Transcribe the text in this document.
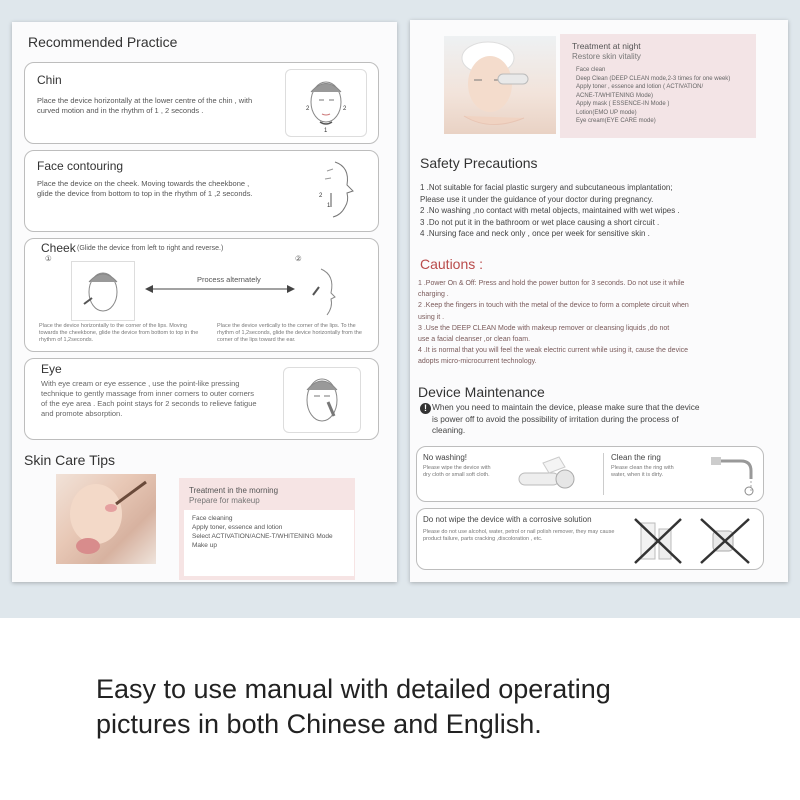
Recommended Practice
Chin
Place the device horizontally at the lower centre of the chin , with curved motion and in the rhythm of 1 , 2 seconds .	2
1
2
Face contouring
Place the device on the cheek. Moving towards the cheekbone , glide the device from bottom to top in the rhythm of 1 ,2 seconds.	2
1
Cheek (Glide the device from left to right and reverse.)
①	②
Process alternately
Place the device horizontally to the corner of the lips. Moving towards the cheekbone, glide the device from bottom to top in the rhythm of 1,2seconds.
Place the device vertically to the corner of the lips. To the rhythm of 1,2seconds, glide the device horizontally from the corner of the lips toward the ear.
Eye
With eye cream or eye essence , use the point-like pressing technique to gently massage from inner corners to outer corners of the eye area . Each point stays for 2 seconds to relieve fatigue and promote absorption.
Skin Care Tips
Treatment in the morning
Prepare for makeup
Face cleaning
Apply toner, essence and lotion
Select ACTIVATION/ACNE-T/WHITENING Mode
Make up
Treatment at night
Restore skin vitality
Face clean
Deep Clean (DEEP CLEAN mode,2-3 times for one week)
Apply toner , essence and lotion ( ACTIVATION/
ACNE-T/WHITENING Mode)
Apply mask ( ESSENCE-IN Mode )
Lotion(EMO UP mode)
Eye cream(EYE CARE mode)
Safety Precautions
1 .Not suitable for facial plastic surgery and subcutaneous implantation;
Please use it under the guidance of your doctor during pregnancy.
2 .No washing ,no contact with metal objects, maintained with wet wipes .
3 .Do not put it in the bathroom or wet place causing a short circuit .
4 .Nursing face and neck only , once per week for sensitive skin .
Cautions :
1 .Power On & Off: Press and hold the power button for 3 seconds. Do not use it while
charging .
2 .Keep the fingers in touch with the metal of the device to form a complete circuit when
using it .
3 .Use the DEEP CLEAN Mode with makeup remover or cleansing liquids ,do not
use a facial cleanser ,or clean foam.
4 .It is normal that you will feel the weak electric current while using it, cause the device
adopts micro-microcurrent technology.
Device Maintenance
! When you need to maintain the device, please make sure that the device
is power off to avoid the possibility of irritation during the process of
cleaning.
No washing!
Please wipe the device with dry cloth or small soft cloth.
Clean the ring
Please clean the ring with water, when it is dirty.
Do not wipe the device with a corrosive solution
Please do not use alcohol, water, petrol or nail polish remover, they may cause product failure, parts cracking ,discoloration , etc.
Easy to use manual with detailed operating
pictures in both Chinese and English.
